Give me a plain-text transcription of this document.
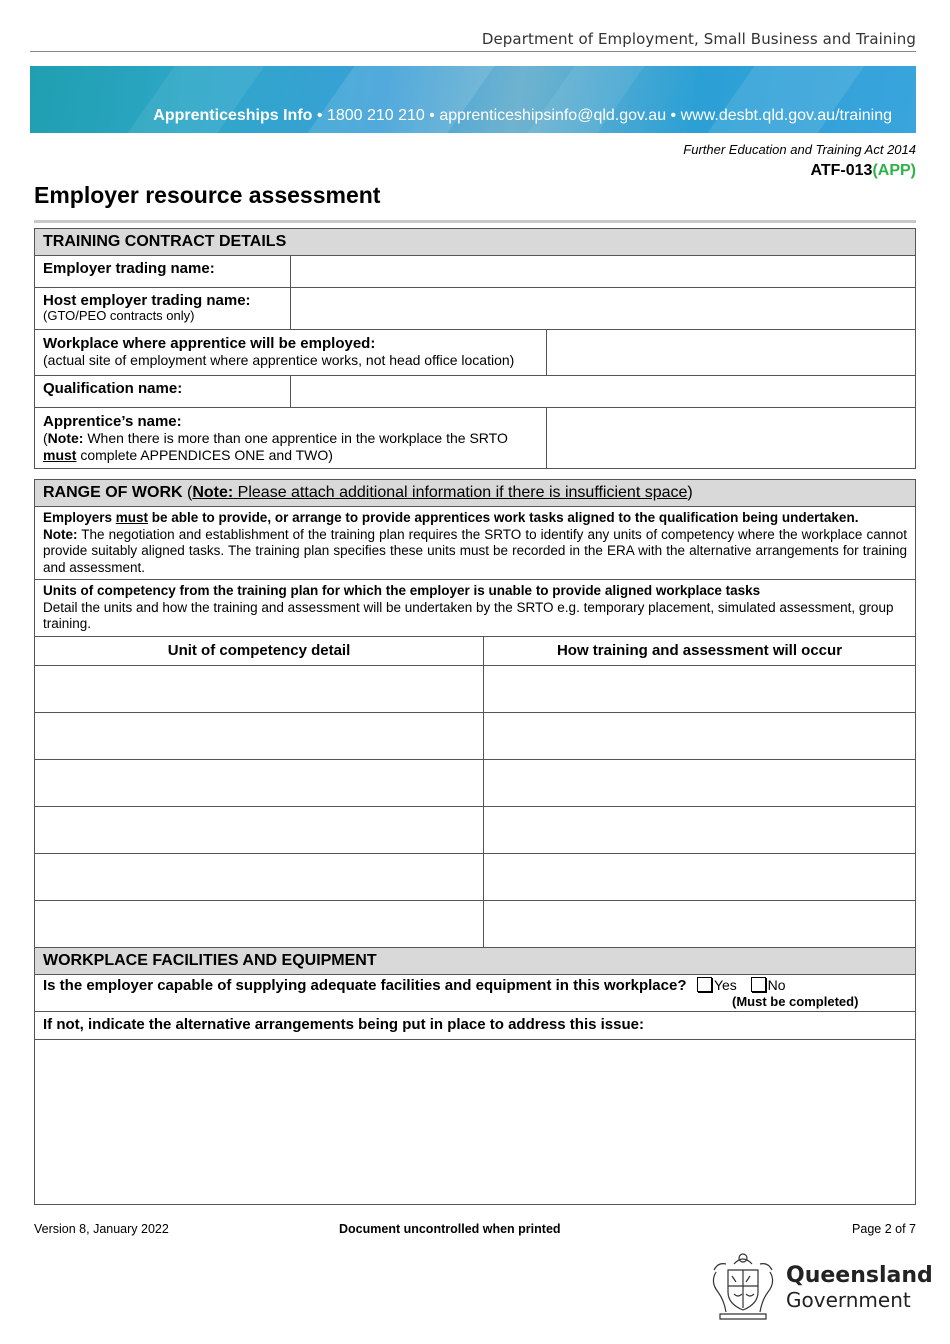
Department of Employment, Small Business and Training
Apprenticeships Info • 1800 210 210 • apprenticeshipsinfo@qld.gov.au • www.desbt.qld.gov.au/training
Further Education and Training Act 2014
ATF-013(APP)
Employer resource assessment
TRAINING CONTRACT DETAILS
Employer trading name:
Host employer trading name:
(GTO/PEO contracts only)
Workplace where apprentice will be employed:
(actual site of employment where apprentice works, not head office location)
Qualification name:
Apprentice’s name:
(Note: When there is more than one apprentice in the workplace the SRTO
must complete APPENDICES ONE and TWO)
RANGE OF WORK (Note: Please attach additional information if there is insufficient space)
Employers must be able to provide, or arrange to provide apprentices work tasks aligned to the qualification being undertaken.
Note: The negotiation and establishment of the training plan requires the SRTO to identify any units of competency where the workplace cannot provide suitably aligned tasks. The training plan specifies these units must be recorded in the ERA with the alternative arrangements for training and assessment.
Units of competency from the training plan for which the employer is unable to provide aligned workplace tasks
Detail the units and how the training and assessment will be undertaken by the SRTO e.g. temporary placement, simulated assessment, group training.
Unit of competency detail	How training and assessment will occur
WORKPLACE FACILITIES AND EQUIPMENT
Is the employer capable of supplying adequate facilities and equipment in this workplace? Yes No
(Must be completed)
If not, indicate the alternative arrangements being put in place to address this issue:
Version 8, January 2022	Document uncontrolled when printed	Page 2 of 7
Queensland
Government
